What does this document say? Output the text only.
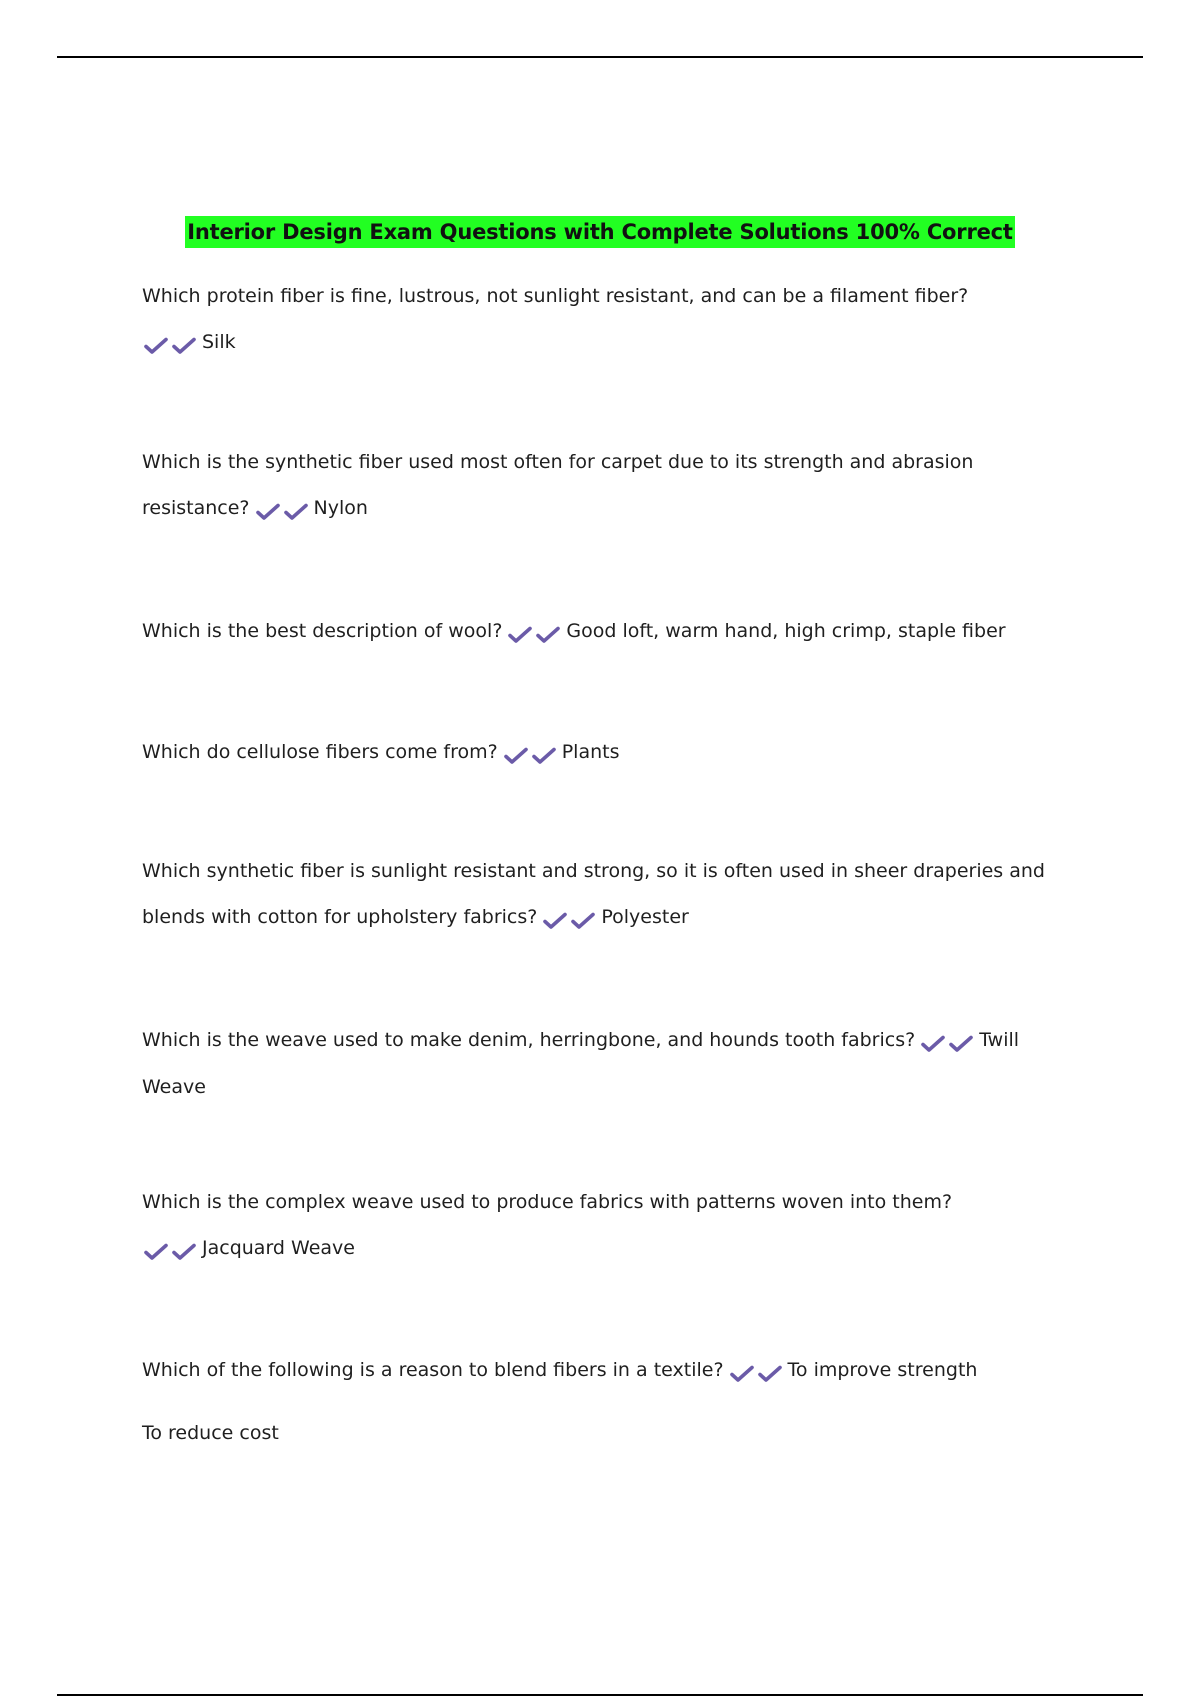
Interior Design Exam Questions with Complete Solutions 100% Correct
Which protein fiber is fine, lustrous, not sunlight resistant, and can be a filament fiber?
Silk
Which is the synthetic fiber used most often for carpet due to its strength and abrasion
resistance?	Nylon
Which is the best description of wool?	Good loft, warm hand, high crimp, staple fiber
Which do cellulose fibers come from?	Plants
Which synthetic fiber is sunlight resistant and strong, so it is often used in sheer draperies and
blends with cotton for upholstery fabrics?	Polyester
Which is the weave used to make denim, herringbone, and hounds tooth fabrics?	Twill
Weave
Which is the complex weave used to produce fabrics with patterns woven into them?
Jacquard Weave
Which of the following is a reason to blend fibers in a textile?	To improve strength
To reduce cost
